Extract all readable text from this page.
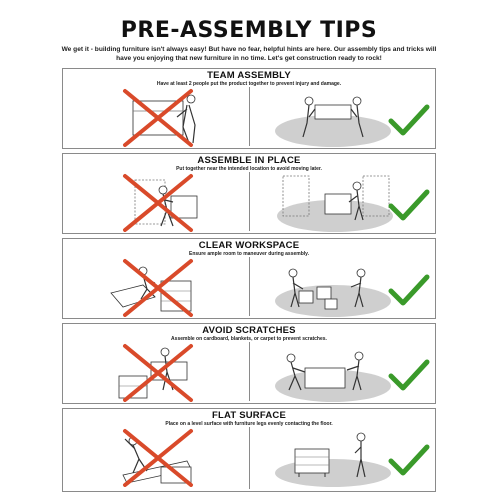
PRE-ASSEMBLY TIPS
We get it - building furniture isn't always easy! But have no fear, helpful hints are here. Our assembly tips and tricks will have you enjoying that new furniture in no time. Let's get construction ready to rock!
TEAM ASSEMBLY
Have at least 2 people put the product together to prevent injury and damage.
ASSEMBLE IN PLACE
Put together near the intended location to avoid moving later.
CLEAR WORKSPACE
Ensure ample room to maneuver during assembly.
AVOID SCRATCHES
Assemble on cardboard, blankets, or carpet to prevent scratches.
FLAT SURFACE
Place on a level surface with furniture legs evenly contacting the floor.
